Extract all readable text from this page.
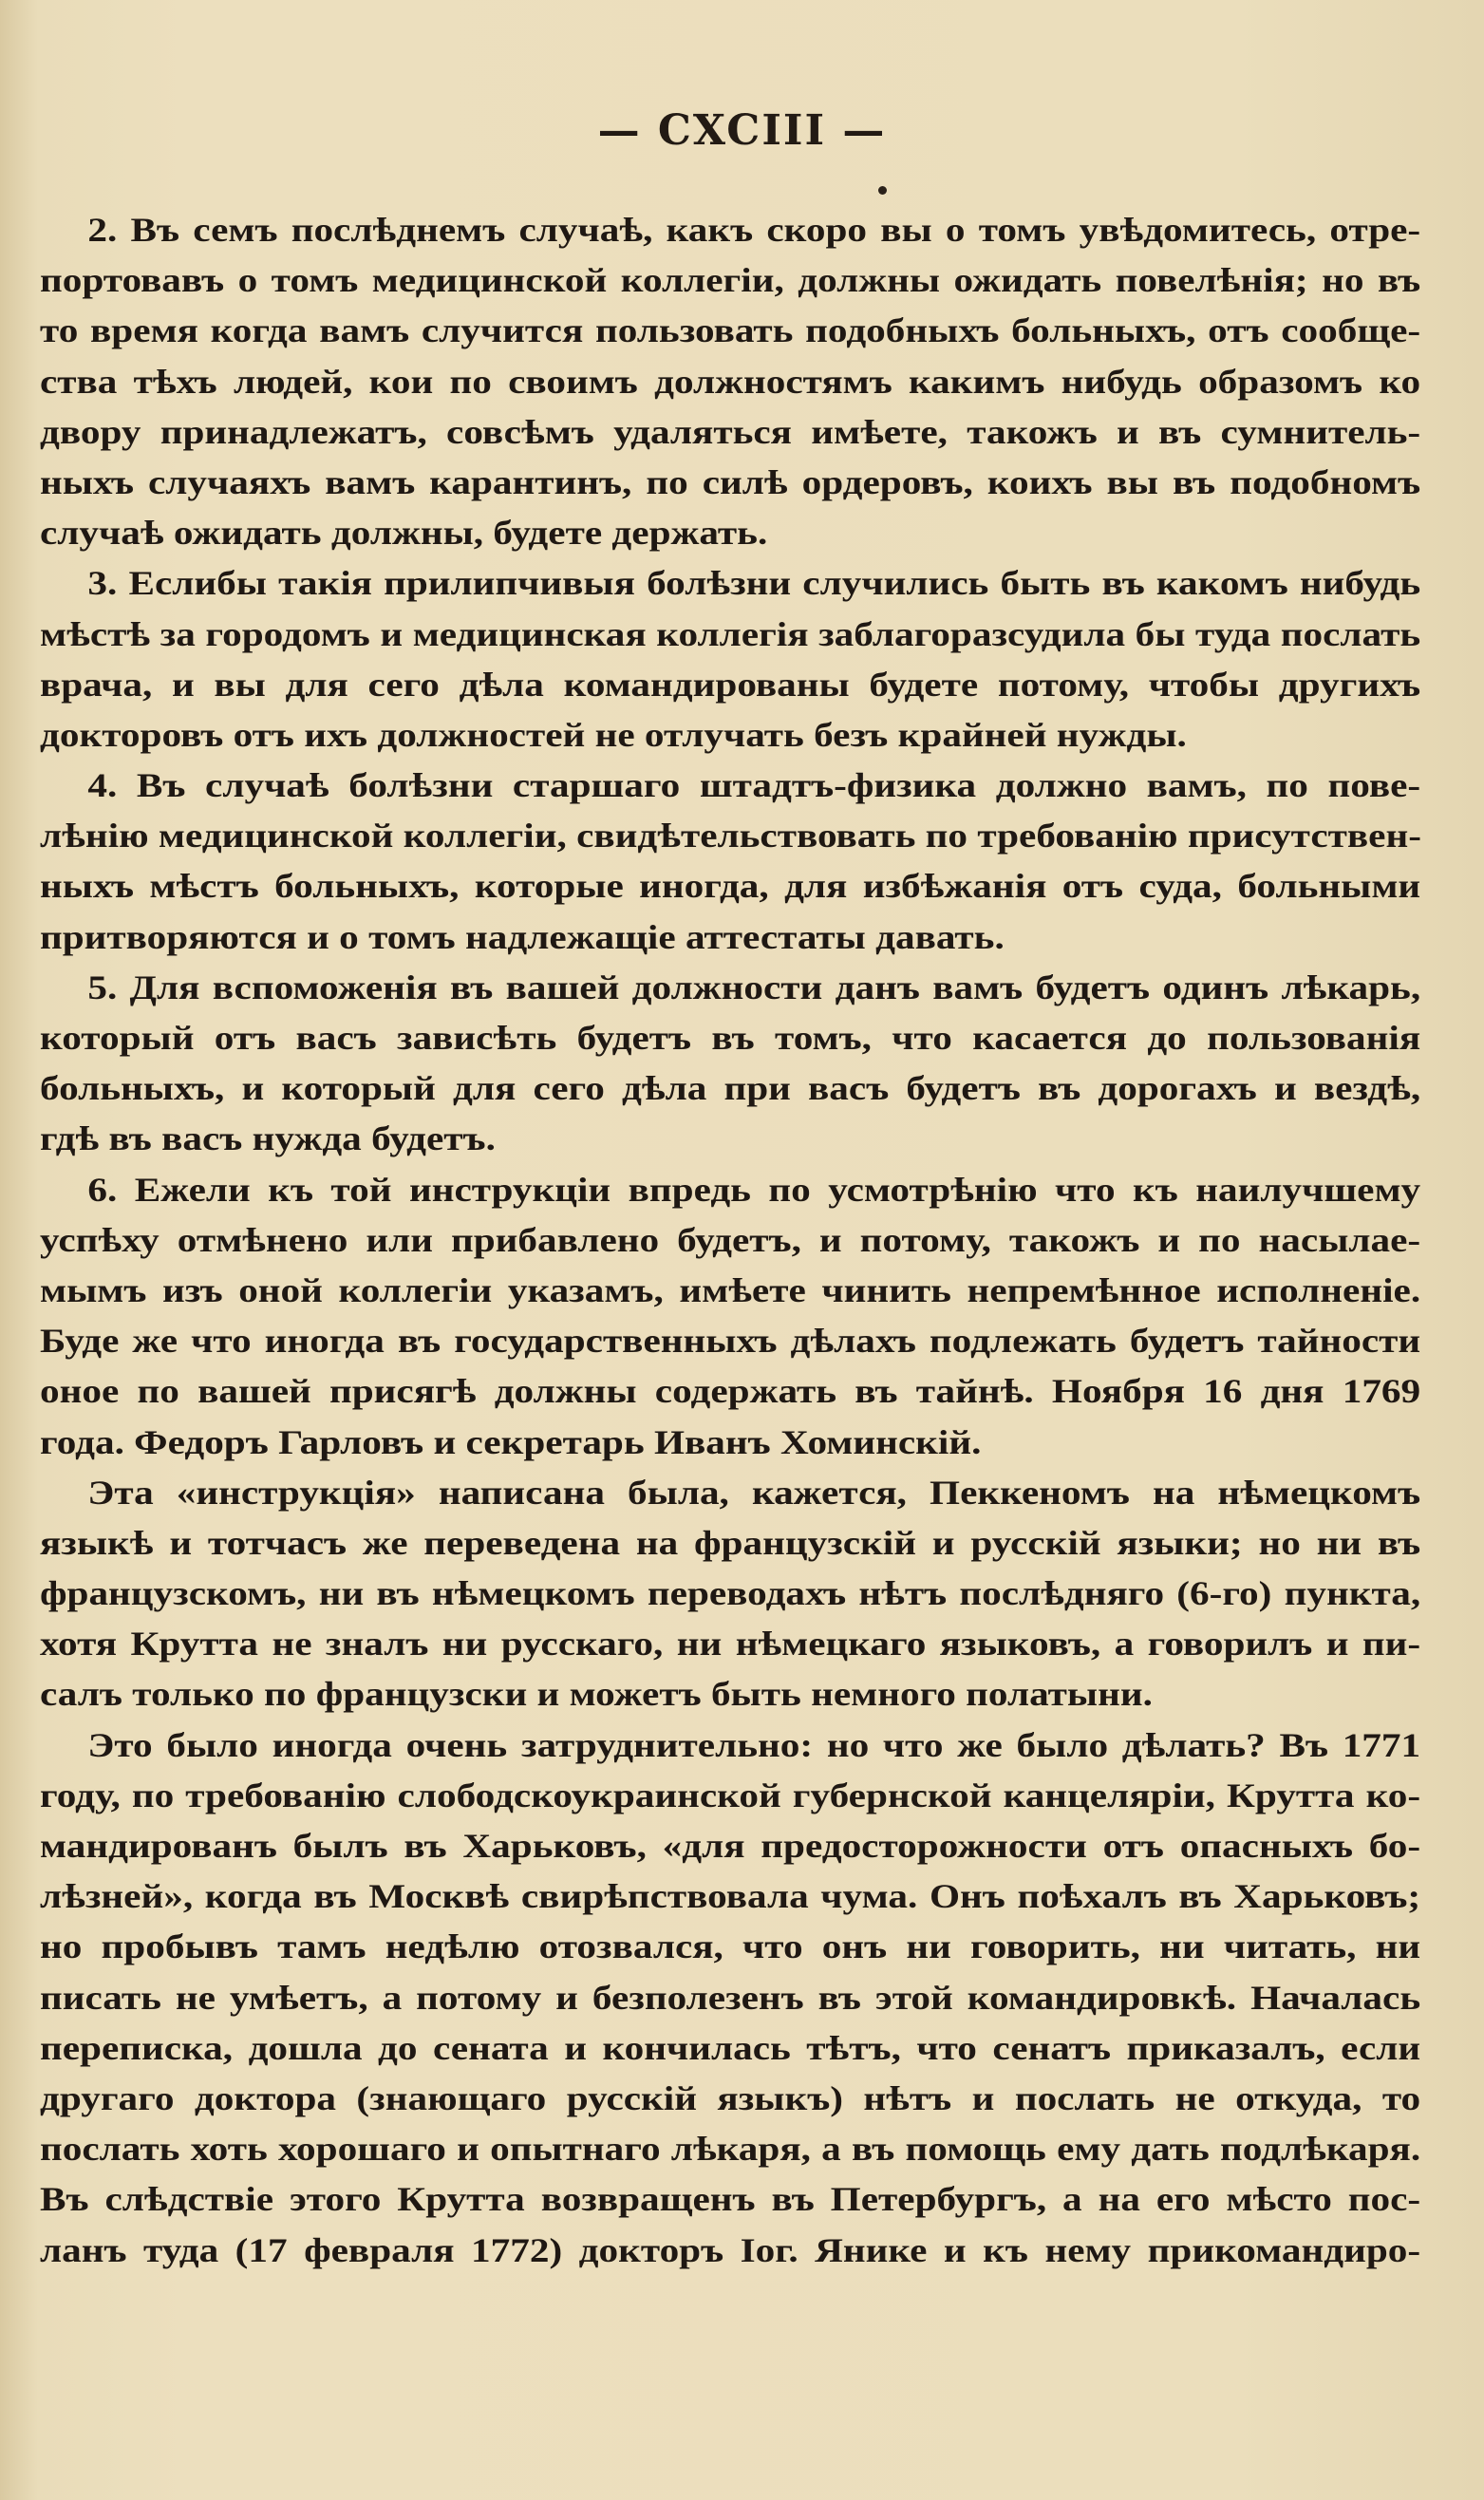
— CXCIII —
2. Въ семъ послѣднемъ случаѣ, какъ скоро вы о томъ увѣдомитесь, отре-
портовавъ о томъ медицинской коллегіи, должны ожидать повелѣнія; но въ
то время когда вамъ случится пользовать подобныхъ больныхъ, отъ сообще-
ства тѣхъ людей, кои по своимъ должностямъ какимъ нибудь образомъ ко
двору принадлежатъ, совсѣмъ удаляться имѣете, такожъ и въ сумнитель-
ныхъ случаяхъ вамъ карантинъ, по силѣ ордеровъ, коихъ вы въ подобномъ
случаѣ ожидать должны, будете держать.
3. Еслибы такія прилипчивыя болѣзни случились быть въ какомъ нибудь
мѣстѣ за городомъ и медицинская коллегія заблагоразсудила бы туда послать
врача, и вы для сего дѣла командированы будете потому, чтобы другихъ
докторовъ отъ ихъ должностей не отлучать безъ крайней нужды.
4. Въ случаѣ болѣзни старшаго штадтъ-физика должно вамъ, по пове-
лѣнію медицинской коллегіи, свидѣтельствовать по требованію присутствен-
ныхъ мѣстъ больныхъ, которые иногда, для избѣжанія отъ суда, больными
притворяются и о томъ надлежащіе аттестаты давать.
5. Для вспоможенія въ вашей должности данъ вамъ будетъ одинъ лѣкарь,
который отъ васъ зависѣть будетъ въ томъ, что касается до пользованія
больныхъ, и который для сего дѣла при васъ будетъ въ дорогахъ и вездѣ,
гдѣ въ васъ нужда будетъ.
6. Ежели къ той инструкціи впредь по усмотрѣнію что къ наилучшему
успѣху отмѣнено или прибавлено будетъ, и потому, такожъ и по насылае-
мымъ изъ оной коллегіи указамъ, имѣете чинить непремѣнное исполненіе.
Буде же что иногда въ государственныхъ дѣлахъ подлежать будетъ тайности
оное по вашей присягѣ должны содержать въ тайнѣ. Ноября 16 дня 1769
года. Федоръ Гарловъ и секретарь Иванъ Хоминскій.
Эта «инструкція» написана была, кажется, Пеккеномъ на нѣмецкомъ
языкѣ и тотчасъ же переведена на французскій и русскій языки; но ни въ
французскомъ, ни въ нѣмецкомъ переводахъ нѣтъ послѣдняго (6-го) пункта,
хотя Крутта не зналъ ни русскаго, ни нѣмецкаго языковъ, а говорилъ и пи-
салъ только по французски и можетъ быть немного полатыни.
Это было иногда очень затруднительно: но что же было дѣлать? Въ 1771
году, по требованію слободскоукраинской губернской канцеляріи, Крутта ко-
мандированъ былъ въ Харьковъ, «для предосторожности отъ опасныхъ бо-
лѣзней», когда въ Москвѣ свирѣпствовала чума. Онъ поѣхалъ въ Харьковъ;
но пробывъ тамъ недѣлю отозвался, что онъ ни говорить, ни читать, ни
писать не умѣетъ, а потому и безполезенъ въ этой командировкѣ. Началась
переписка, дошла до сената и кончилась тѣтъ, что сенатъ приказалъ, если
другаго доктора (знающаго русскій языкъ) нѣтъ и послать не откуда, то
послать хоть хорошаго и опытнаго лѣкаря, а въ помощь ему дать подлѣкаря.
Въ слѣдствіе этого Крутта возвращенъ въ Петербургъ, а на его мѣсто пос-
ланъ туда (17 февраля 1772) докторъ Іог. Янике и къ нему прикомандиро-
